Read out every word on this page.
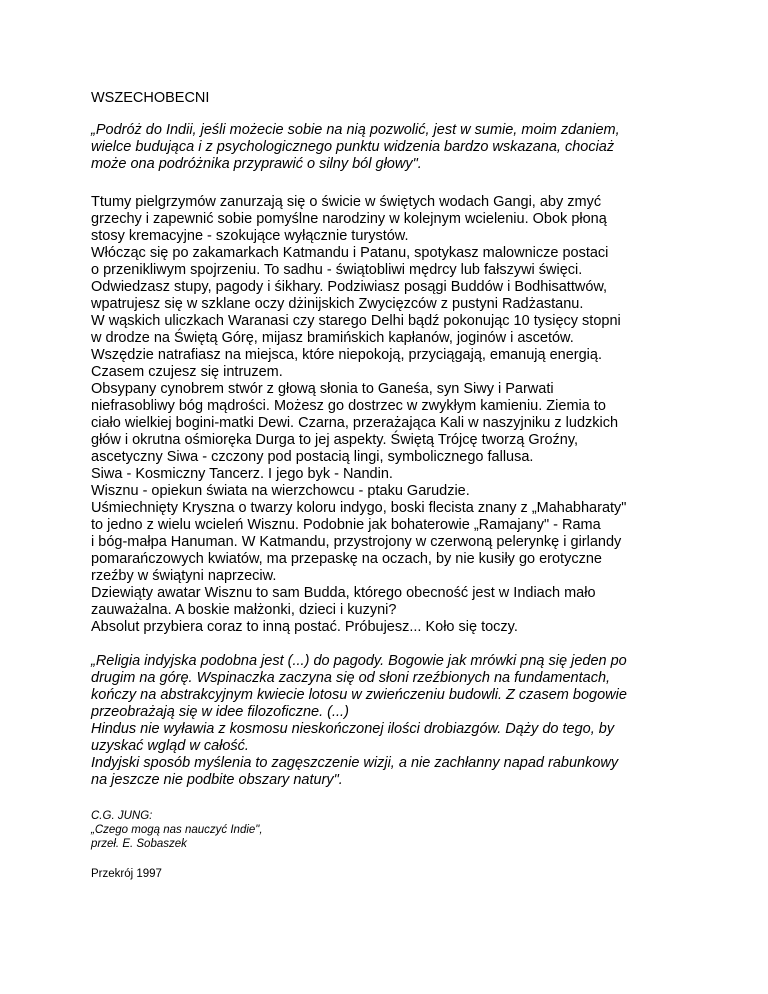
WSZECHOBECNI
„Podróż do Indii, jeśli możecie sobie na nią pozwolić, jest w sumie, moim zdaniem,
wielce budująca i z psychologicznego punktu widzenia bardzo wskazana, chociaż
może ona podróżnika przyprawić o silny ból głowy".
Ttumy pielgrzymów zanurzają się o świcie w świętych wodach Gangi, aby zmyć
grzechy i zapewnić sobie pomyślne narodziny w kolejnym wcieleniu. Obok płoną
stosy kremacyjne - szokujące wyłącznie turystów.
Włócząc się po zakamarkach Katmandu i Patanu, spotykasz malownicze postaci
o przenikliwym spojrzeniu. To sadhu - świątobliwi mędrcy lub fałszywi święci.
Odwiedzasz stupy, pagody i śikhary. Podziwiasz posągi Buddów i Bodhisattwów,
wpatrujesz się w szklane oczy dżinijskich Zwycięzców z pustyni Radżastanu.
W wąskich uliczkach Waranasi czy starego Delhi bądź pokonując 10 tysięcy stopni
w drodze na Świętą Górę, mijasz bramińskich kapłanów, joginów i ascetów.
Wszędzie natrafiasz na miejsca, które niepokoją, przyciągają, emanują energią.
Czasem czujesz się intruzem.
Obsypany cynobrem stwór z głową słonia to Ganeśa, syn Siwy i Parwati
niefrasobliwy bóg mądrości. Możesz go dostrzec w zwykłym kamieniu. Ziemia to
ciało wielkiej bogini-matki Dewi. Czarna, przerażająca Kali w naszyjniku z ludzkich
głów i okrutna ośmioręka Durga to jej aspekty. Świętą Trójcę tworzą Groźny,
ascetyczny Siwa - czczony pod postacią lingi, symbolicznego fallusa.
Siwa - Kosmiczny Tancerz. I jego byk - Nandin.
Wisznu - opiekun świata na wierzchowcu - ptaku Garudzie.
Uśmiechnięty Kryszna o twarzy koloru indygo, boski flecista znany z „Mahabharaty"
to jedno z wielu wcieleń Wisznu. Podobnie jak bohaterowie „Ramajany" - Rama
i bóg-małpa Hanuman. W Katmandu, przystrojony w czerwoną pelerynkę i girlandy
pomarańczowych kwiatów, ma przepaskę na oczach, by nie kusiły go erotyczne
rzeźby w świątyni naprzeciw.
Dziewiąty awatar Wisznu to sam Budda, którego obecność jest w Indiach mało
zauważalna. A boskie małżonki, dzieci i kuzyni?
Absolut przybiera coraz to inną postać. Próbujesz... Koło się toczy.
„Religia indyjska podobna jest (...) do pagody. Bogowie jak mrówki pną się jeden po
drugim na górę. Wspinaczka zaczyna się od słoni rzeźbionych na fundamentach,
kończy na abstrakcyjnym kwiecie lotosu w zwieńczeniu budowli. Z czasem bogowie
przeobrażają się w idee filozoficzne. (...)
Hindus nie wyławia z kosmosu nieskończonej ilości drobiazgów. Dąży do tego, by
uzyskać wgląd w całość.
Indyjski sposób myślenia to zagęszczenie wizji, a nie zachłanny napad rabunkowy
na jeszcze nie podbite obszary natury".
C.G. JUNG:
„Czego mogą nas nauczyć Indie",
przeł. E. Sobaszek
Przekrój 1997
